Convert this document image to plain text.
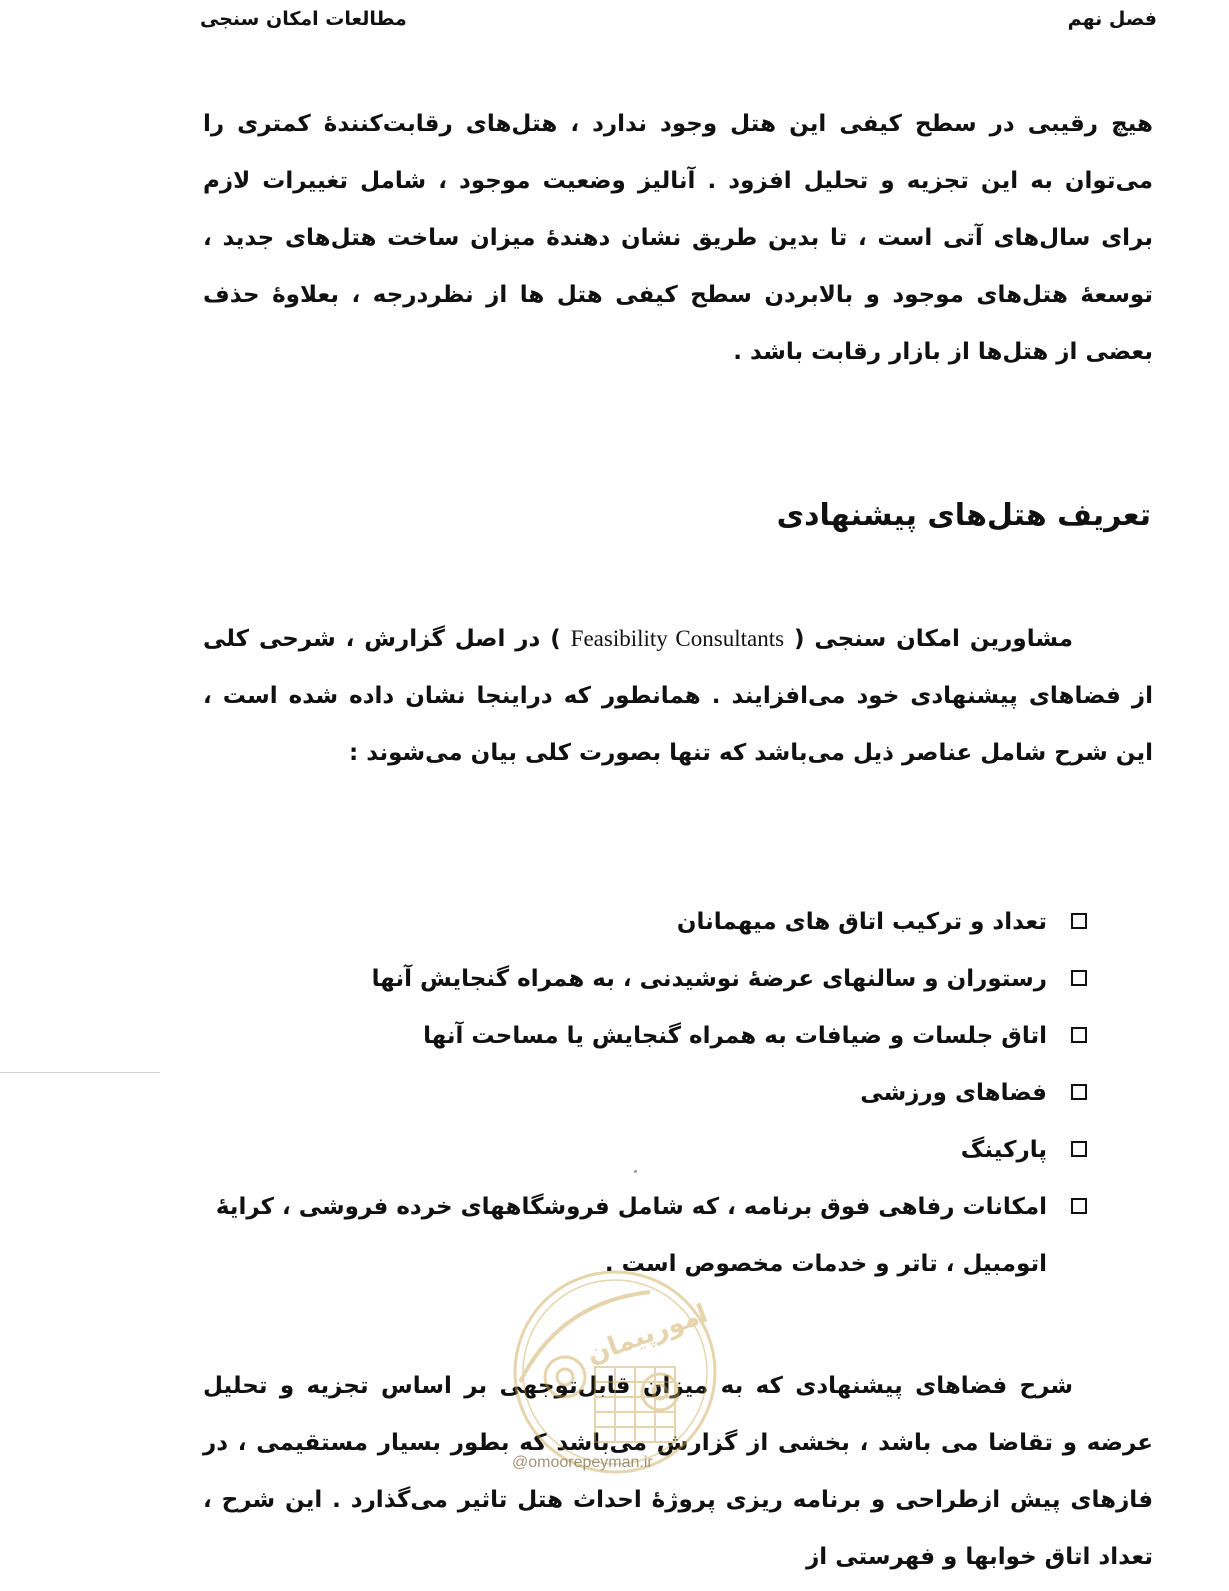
فصل نهم
مطالعات امکان سنجی

هیچ رقیبی در سطح کیفی این هتل وجود ندارد ، هتل‌های رقابت‌کنندهٔ کمتری را می‌توان به این تجزیه و تحلیل افزود . آنالیز وضعیت موجود ، شامل تغییرات لازم برای سال‌های آتی است ، تا بدین طریق نشان دهندهٔ میزان ساخت هتل‌های جدید ، توسعهٔ هتل‌های موجود و بالابردن سطح کیفی هتل ها از نظردرجه ، بعلاوهٔ حذف بعضی از هتل‌ها از بازار رقابت باشد .

تعریف هتل‌های پیشنهادی

مشاورین امکان سنجی ( Feasibility Consultants ) در اصل گزارش ، شرحی کلی از فضاهای پیشنهادی خود می‌افزایند . همانطور که دراینجا نشان داده شده است ، این شرح شامل عناصر ذیل می‌باشد که تنها بصورت کلی بیان می‌شوند :

تعداد و ترکیب اتاق های میهمانان
رستوران و سالنهای عرضهٔ نوشیدنی ، به همراه گنجایش آنها
اتاق جلسات و ضیافات به همراه گنجایش یا مساحت آنها
فضاهای ورزشی
پارکینگ
امکانات رفاهی فوق برنامه ، که شامل فروشگاههای خرده فروشی ، کرایهٔ اتومبیل ، تاتر و خدمات مخصوص است .

شرح فضاهای پیشنهادی که به میزان قابل‌توجهی بر اساس تجزیه و تحلیل عرضه و تقاضا می باشد ، بخشی از گزارش می‌باشد که بطور بسیار مستقیمی ، در فازهای پیش ازطراحی و برنامه ریزی پروژهٔ احداث هتل تاثیر می‌گذارد . این شرح ، تعداد اتاق خوابها و فهرستی از

امورپیمان
@omoorepeyman.ir
